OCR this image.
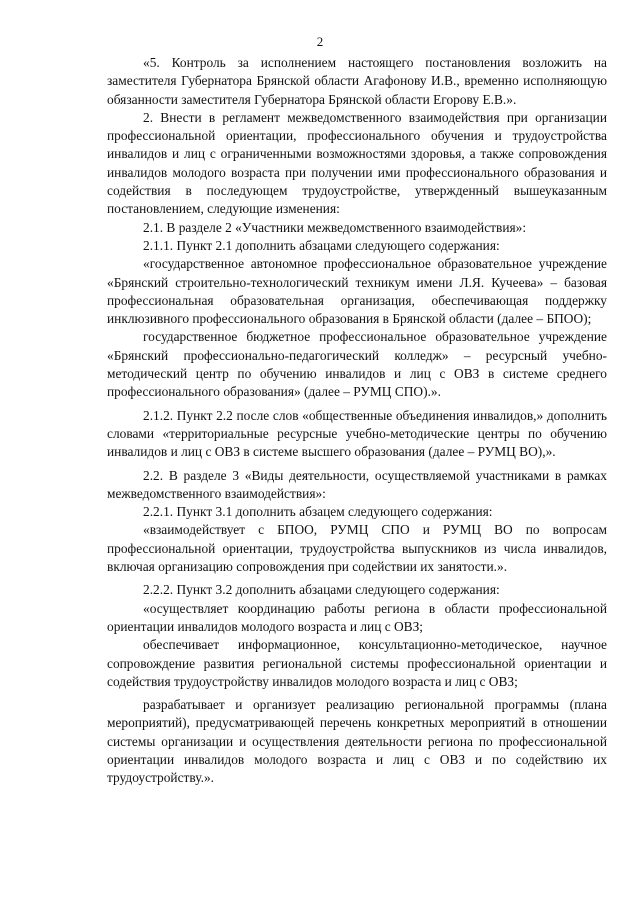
2

«5. Контроль за исполнением настоящего постановления возложить на заместителя Губернатора Брянской области Агафонову И.В., временно исполняющую обязанности заместителя Губернатора Брянской области Егорову Е.В.».

2. Внести в регламент межведомственного взаимодействия при организации профессиональной ориентации, профессионального обучения и трудоустройства инвалидов и лиц с ограниченными возможностями здоровья, а также сопровождения инвалидов молодого возраста при получении ими профессионального образования и содействия в последующем трудоустройстве, утвержденный вышеуказанным постановлением, следующие изменения:

2.1. В разделе 2 «Участники межведомственного взаимодействия»:

2.1.1. Пункт 2.1 дополнить абзацами следующего содержания:

«государственное автономное профессиональное образовательное учреждение «Брянский строительно-технологический техникум имени Л.Я. Кучеева» – базовая профессиональная образовательная организация, обеспечивающая поддержку инклюзивного профессионального образования в Брянской области (далее – БПОО);

государственное бюджетное профессиональное образовательное учреждение «Брянский профессионально-педагогический колледж» – ресурсный учебно-методический центр по обучению инвалидов и лиц с ОВЗ в системе среднего профессионального образования» (далее – РУМЦ СПО).».

2.1.2. Пункт 2.2 после слов «общественные объединения инвалидов,» дополнить словами «территориальные ресурсные учебно-методические центры по обучению инвалидов и лиц с ОВЗ в системе высшего образования (далее – РУМЦ ВО),».

2.2. В разделе 3 «Виды деятельности, осуществляемой участниками в рамках межведомственного взаимодействия»:

2.2.1. Пункт 3.1 дополнить абзацем следующего содержания:

«взаимодействует с БПОО, РУМЦ СПО и РУМЦ ВО по вопросам профессиональной ориентации, трудоустройства выпускников из числа инвалидов, включая организацию сопровождения при содействии их занятости.».

2.2.2. Пункт 3.2 дополнить абзацами следующего содержания:

«осуществляет координацию работы региона в области профессиональной ориентации инвалидов молодого возраста и лиц с ОВЗ;

обеспечивает информационное, консультационно-методическое, научное сопровождение развития региональной системы профессиональной ориентации и содействия трудоустройству инвалидов молодого возраста и лиц с ОВЗ;

разрабатывает и организует реализацию региональной программы (плана мероприятий), предусматривающей перечень конкретных мероприятий в отношении системы организации и осуществления деятельности региона по профессиональной ориентации инвалидов молодого возраста и лиц с ОВЗ и по содействию их трудоустройству.».
